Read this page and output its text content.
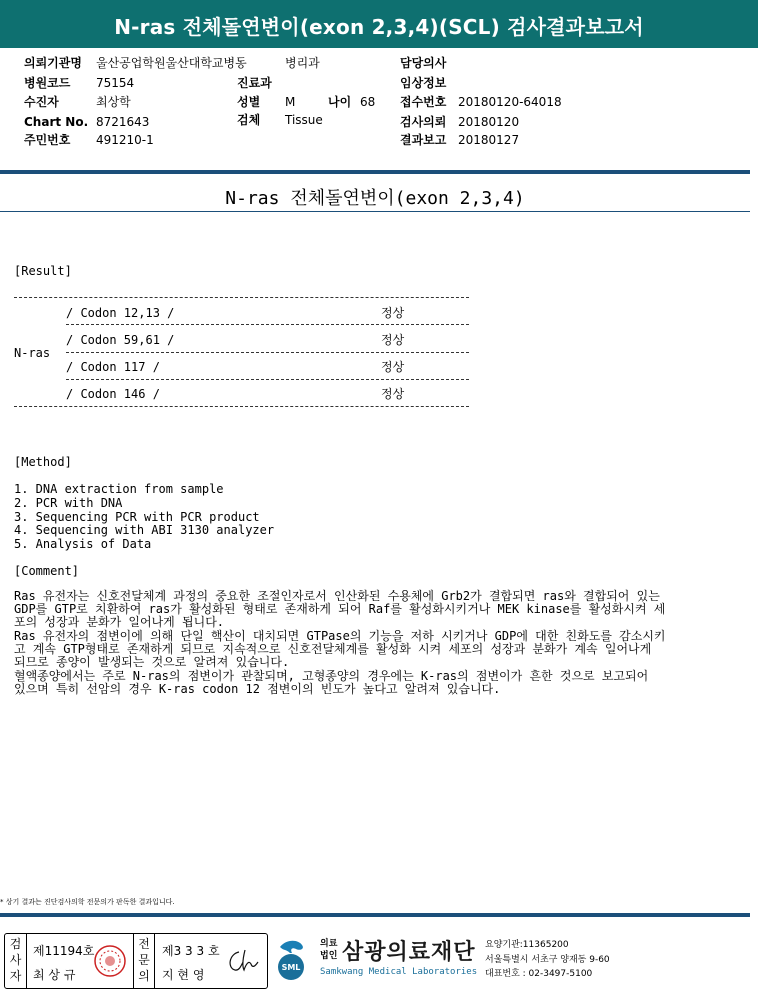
N-ras 전체돌연변이(exon 2,3,4)(SCL) 검사결과보고서
의뢰기관명 울산공업학원울산대학교병동	병리과	담당의사
병원코드 75154	진료과	임상정보
수진자	최상학	성별 M	나이 68 접수번호 20180120-64018
Chart No. 8721643	검체 Tissue	검사의뢰 20180120
주민번호 491210-1	결과보고 20180127
N-ras 전체돌연변이(exon 2,3,4)
[Result]
N-ras
/ Codon 12,13 /	정상
/ Codon 59,61 /	정상
/ Codon 117 /	정상
/ Codon 146 /	정상
[Method]
1. DNA extraction from sample
2. PCR with DNA
3. Sequencing PCR with PCR product
4. Sequencing with ABI 3130 analyzer
5. Analysis of Data
[Comment]
Ras 유전자는 신호전달체계 과정의 중요한 조절인자로서 인산화된 수용체에 Grb2가 결합되면 ras와 결합되어 있는
GDP를 GTP로 치환하여 ras가 활성화된 형태로 존재하게 되어 Raf를 활성화시키거나 MEK kinase를 활성화시켜 세
포의 성장과 분화가 일어나게 됩니다.
Ras 유전자의 점변이에 의해 단일 핵산이 대치되면 GTPase의 기능을 저하 시키거나 GDP에 대한 친화도를 감소시키
고 계속 GTP형태로 존재하게 되므로 지속적으로 신호전달체계를 활성화 시켜 세포의 성장과 분화가 계속 일어나게
되므로 종양이 발생되는 것으로 알려져 있습니다.
혈액종양에서는 주로 N-ras의 점변이가 관찰되며, 고형종양의 경우에는 K-ras의 점변이가 흔한 것으로 보고되어
있으며 특히 선암의 경우 K-ras codon 12 점변이의 빈도가 높다고 알려져 있습니다.
* 상기 결과는 진단검사의학 전문의가 판독한 결과입니다.
검
사
자
제11194호
최 상 규
전
문
의
제3 3 3 호
지 현 영
SML
의료
법인 삼광의료재단
Samkwang Medical Laboratories
요양기관:11365200
서울특별시 서초구 양재동 9-60
대표번호 : 02-3497-5100
